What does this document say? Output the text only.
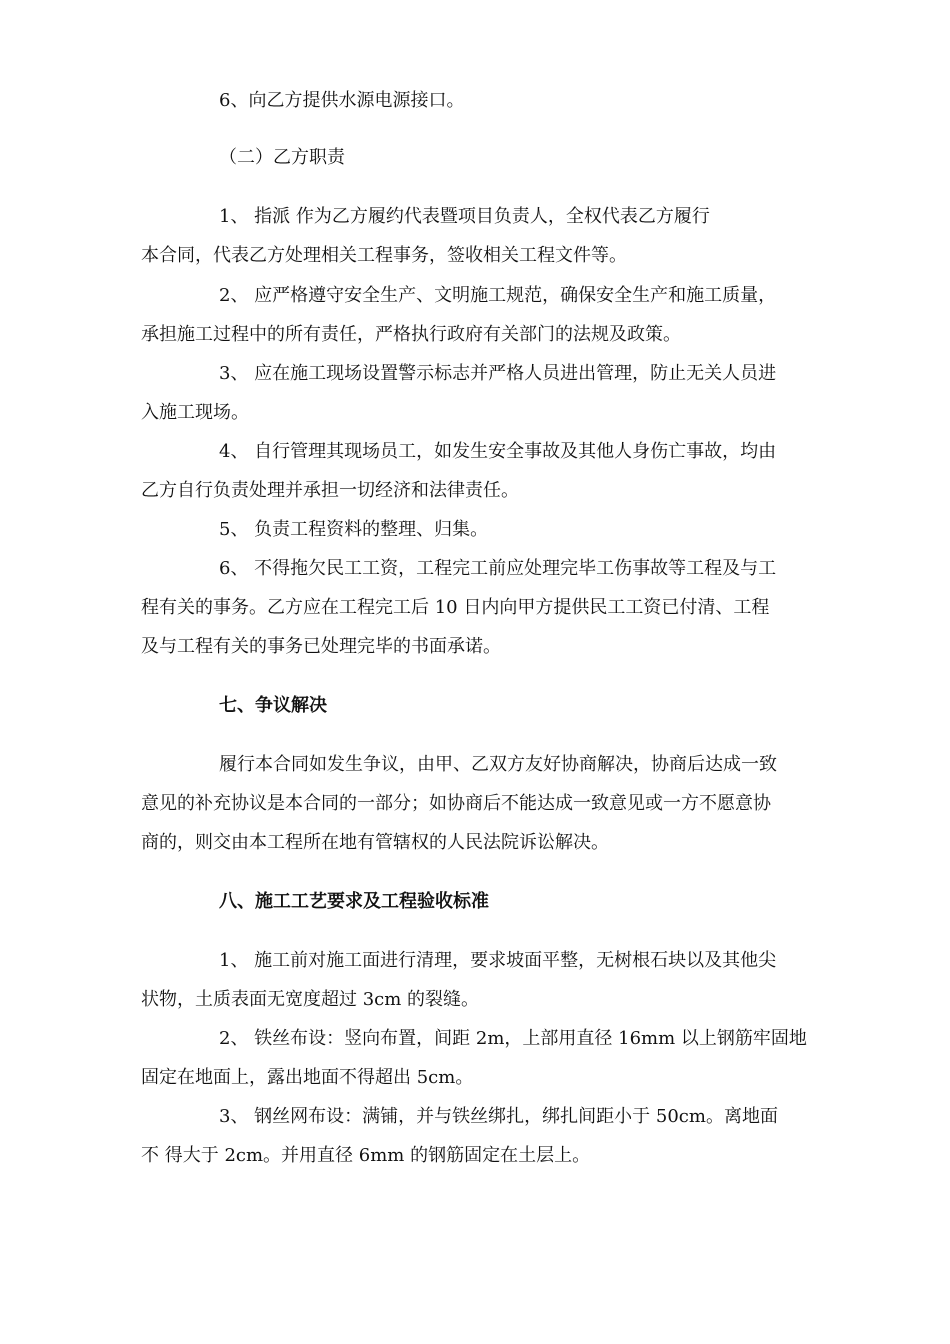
6、向乙方提供水源电源接口。
（二）乙方职责
1、 指派 作为乙方履约代表暨项目负责人，全权代表乙方履行
本合同，代表乙方处理相关工程事务，签收相关工程文件等。
2、 应严格遵守安全生产、文明施工规范，确保安全生产和施工质量，
承担施工过程中的所有责任，严格执行政府有关部门的法规及政策。
3、 应在施工现场设置警示标志并严格人员进出管理，防止无关人员进
入施工现场。
4、 自行管理其现场员工，如发生安全事故及其他人身伤亡事故，均由
乙方自行负责处理并承担一切经济和法律责任。
5、 负责工程资料的整理、归集。
6、 不得拖欠民工工资，工程完工前应处理完毕工伤事故等工程及与工
程有关的事务。乙方应在工程完工后 10 日内向甲方提供民工工资已付清、工程
及与工程有关的事务已处理完毕的书面承诺。
七、争议解决
履行本合同如发生争议，由甲、乙双方友好协商解决，协商后达成一致
意见的补充协议是本合同的一部分；如协商后不能达成一致意见或一方不愿意协
商的，则交由本工程所在地有管辖权的人民法院诉讼解决。
八、施工工艺要求及工程验收标准
1、 施工前对施工面进行清理，要求坡面平整，无树根石块以及其他尖
状物，土质表面无宽度超过 3cm 的裂缝。
2、 铁丝布设：竖向布置，间距 2m，上部用直径 16mm 以上钢筋牢固地
固定在地面上，露出地面不得超出 5cm。
3、 钢丝网布设：满铺，并与铁丝绑扎，绑扎间距小于 50cm。离地面
不 得大于 2cm。并用直径 6mm 的钢筋固定在土层上。
